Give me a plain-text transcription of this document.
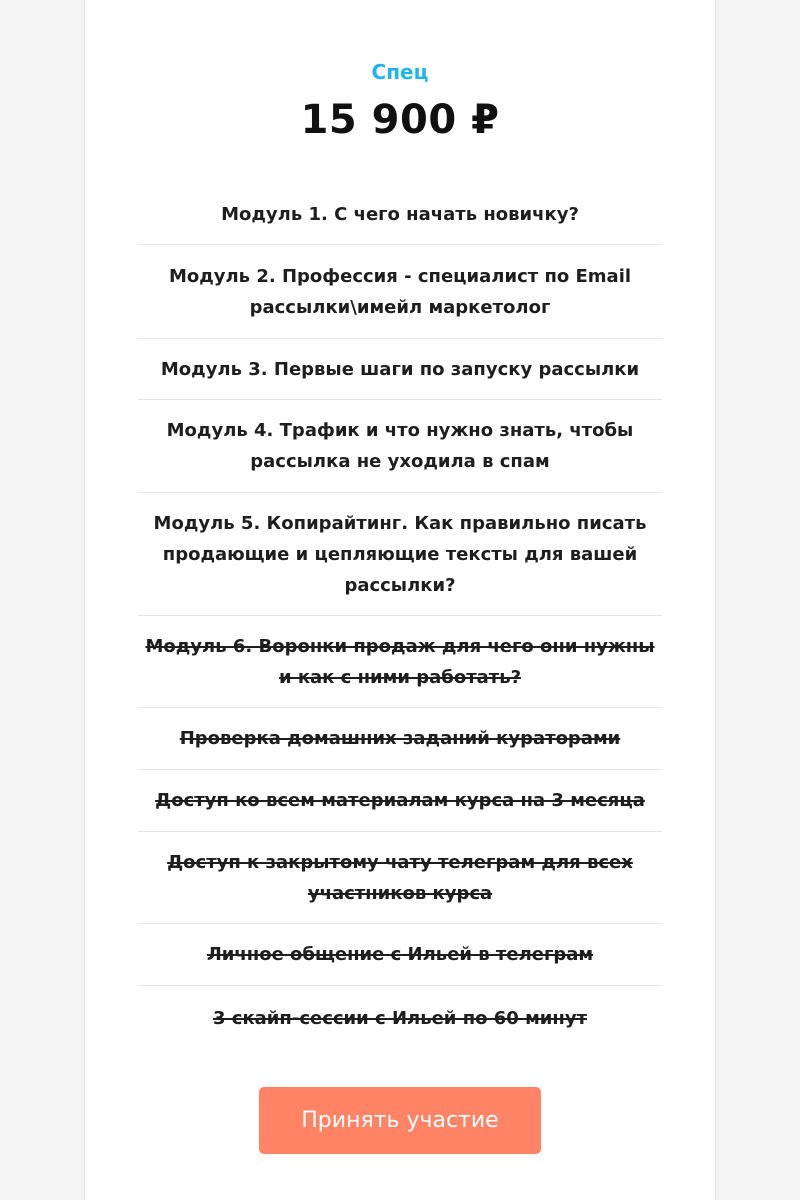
Спец
15 900 ₽
Модуль 1. С чего начать новичку?
Модуль 2. Профессия - специалист по Email рассылки\имейл маркетолог
Модуль 3. Первые шаги по запуску рассылки
Модуль 4. Трафик и что нужно знать, чтобы рассылка не уходила в спам
Модуль 5. Копирайтинг. Как правильно писать продающие и цепляющие тексты для вашей рассылки?
Модуль 6. Воронки продаж для чего они нужны и как с ними работать?
Проверка домашних заданий кураторами
Доступ ко всем материалам курса на 3 месяца
Доступ к закрытому чату телеграм для всех участников курса
Личное общение с Ильей в телеграм
3 скайп-сессии с Ильей по 60 минут
Принять участие
